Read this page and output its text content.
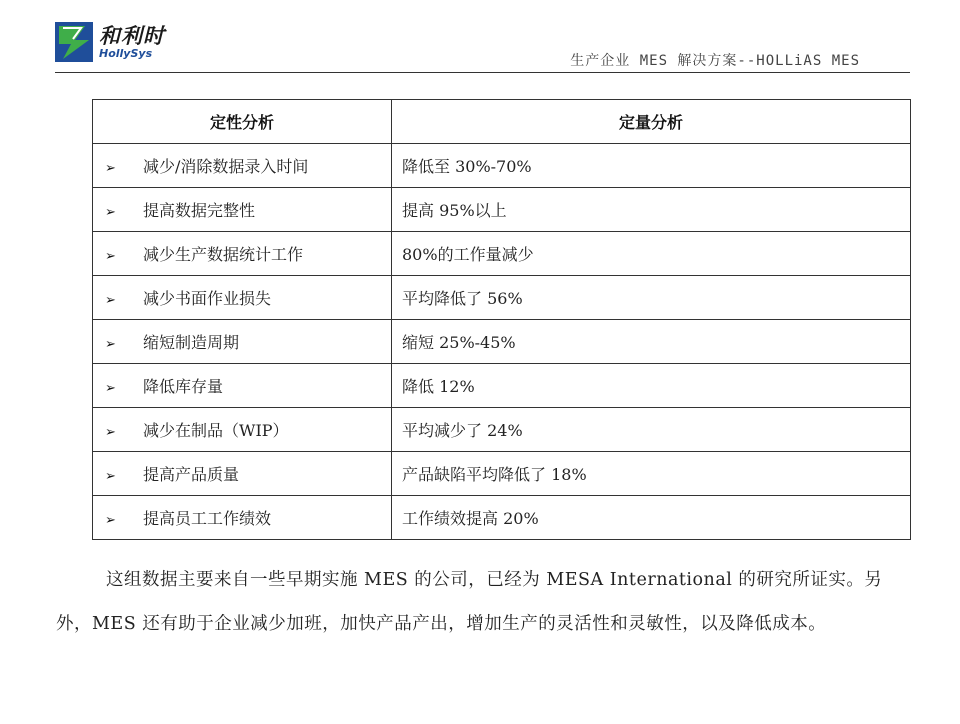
和利时
HollySys	生产企业 MES 解决方案--HOLLiAS MES
定性分析	定量分析
➢ 减少/消除数据录入时间	降低至 30%-70%
➢ 提高数据完整性	提高 95%以上
➢ 减少生产数据统计工作	80%的工作量减少
➢ 减少书面作业损失	平均降低了 56%
➢ 缩短制造周期	缩短 25%-45%
➢ 降低库存量	降低 12%
➢ 减少在制品（WIP）	平均减少了 24%
➢ 提高产品质量	产品缺陷平均降低了 18%
➢ 提高员工工作绩效	工作绩效提高 20%
这组数据主要来自一些早期实施 MES 的公司，已经为 MESA International 的研究所证实。另外，MES 还有助于企业减少加班，加快产品产出，增加生产的灵活性和灵敏性，以及降低成本。
